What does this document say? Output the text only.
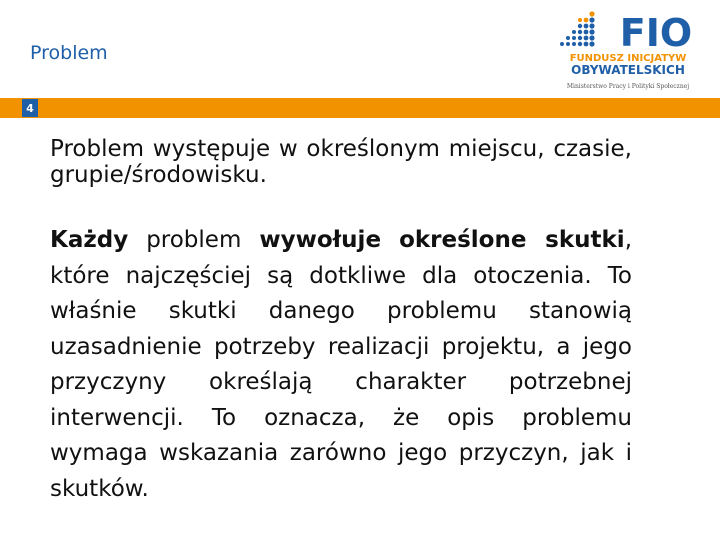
Problem	FIO
FUNDUSZ INICJATYW
OBYWATELSKICH
Ministerstwo Pracy i Polityki Społecznej
4

Problem występuje w określonym miejscu, czasie, grupie/środowisku.

Każdy problem wywołuje określone skutki, które najczęściej są dotkliwe dla otoczenia. To właśnie skutki danego problemu stanowią uzasadnienie potrzeby realizacji projektu, a jego przyczyny określają charakter potrzebnej interwencji. To oznacza, że opis problemu wymaga wskazania zarówno jego przyczyn, jak i skutków.
